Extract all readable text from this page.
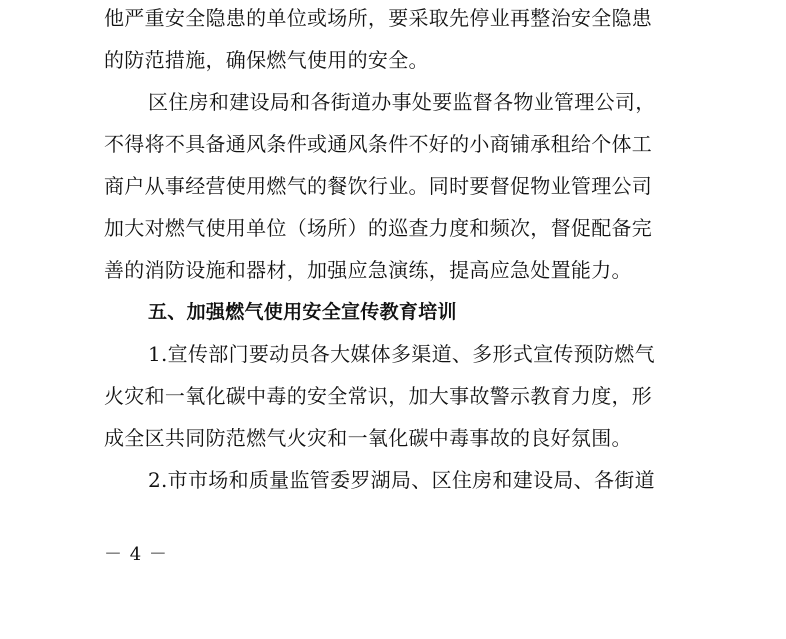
他严重安全隐患的单位或场所，要采取先停业再整治安全隐患
的防范措施，确保燃气使用的安全。
区住房和建设局和各街道办事处要监督各物业管理公司，
不得将不具备通风条件或通风条件不好的小商铺承租给个体工
商户从事经营使用燃气的餐饮行业。同时要督促物业管理公司
加大对燃气使用单位（场所）的巡查力度和频次，督促配备完
善的消防设施和器材，加强应急演练，提高应急处置能力。
五、加强燃气使用安全宣传教育培训
1.宣传部门要动员各大媒体多渠道、多形式宣传预防燃气
火灾和一氧化碳中毒的安全常识，加大事故警示教育力度，形
成全区共同防范燃气火灾和一氧化碳中毒事故的良好氛围。
2.市市场和质量监管委罗湖局、区住房和建设局、各街道
－ 4 －
